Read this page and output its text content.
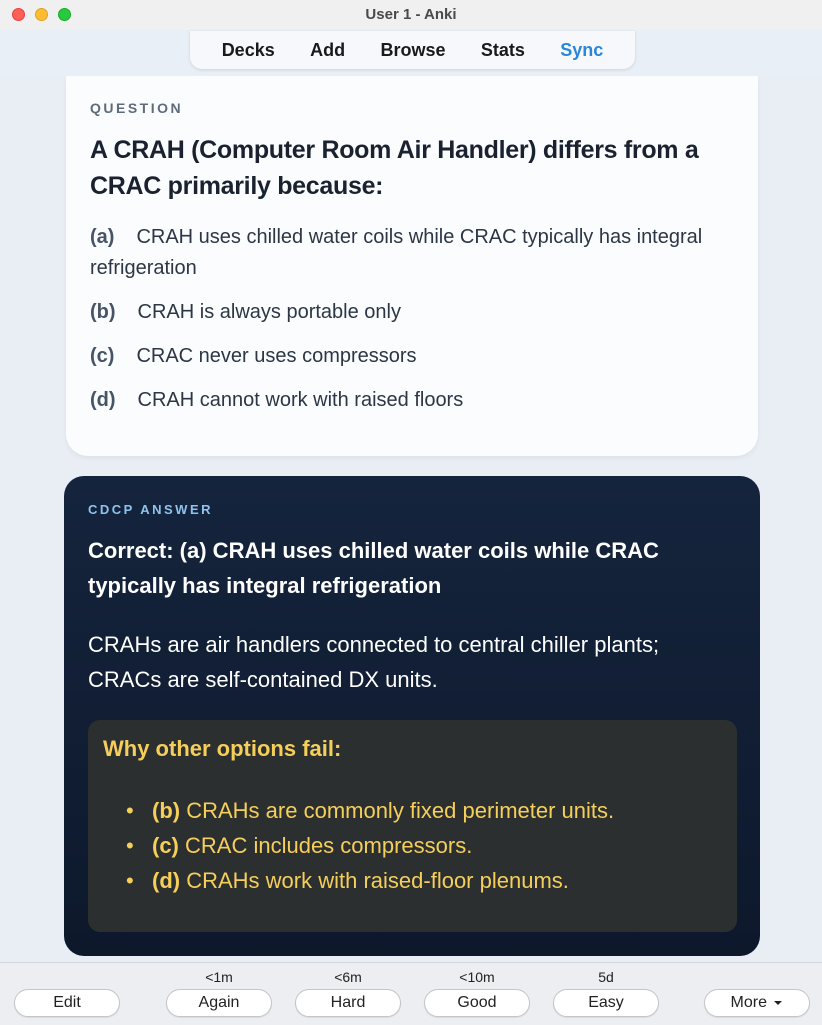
User 1 - Anki
Decks Add Browse Stats Sync
QUESTION
A CRAH (Computer Room Air Handler) differs from a CRAC primarily because:
(a) CRAH uses chilled water coils while CRAC typically has integral refrigeration
(b) CRAH is always portable only
(c) CRAC never uses compressors
(d) CRAH cannot work with raised floors
CDCP ANSWER
Correct: (a) CRAH uses chilled water coils while CRAC typically has integral refrigeration
CRAHs are air handlers connected to central chiller plants; CRACs are self-contained DX units.
Why other options fail:
• (b) CRAHs are commonly fixed perimeter units.
• (c) CRAC includes compressors.
• (d) CRAHs work with raised-floor plenums.
Edit
<1m
Again
<6m
Hard
<10m
Good
5d
Easy	More
